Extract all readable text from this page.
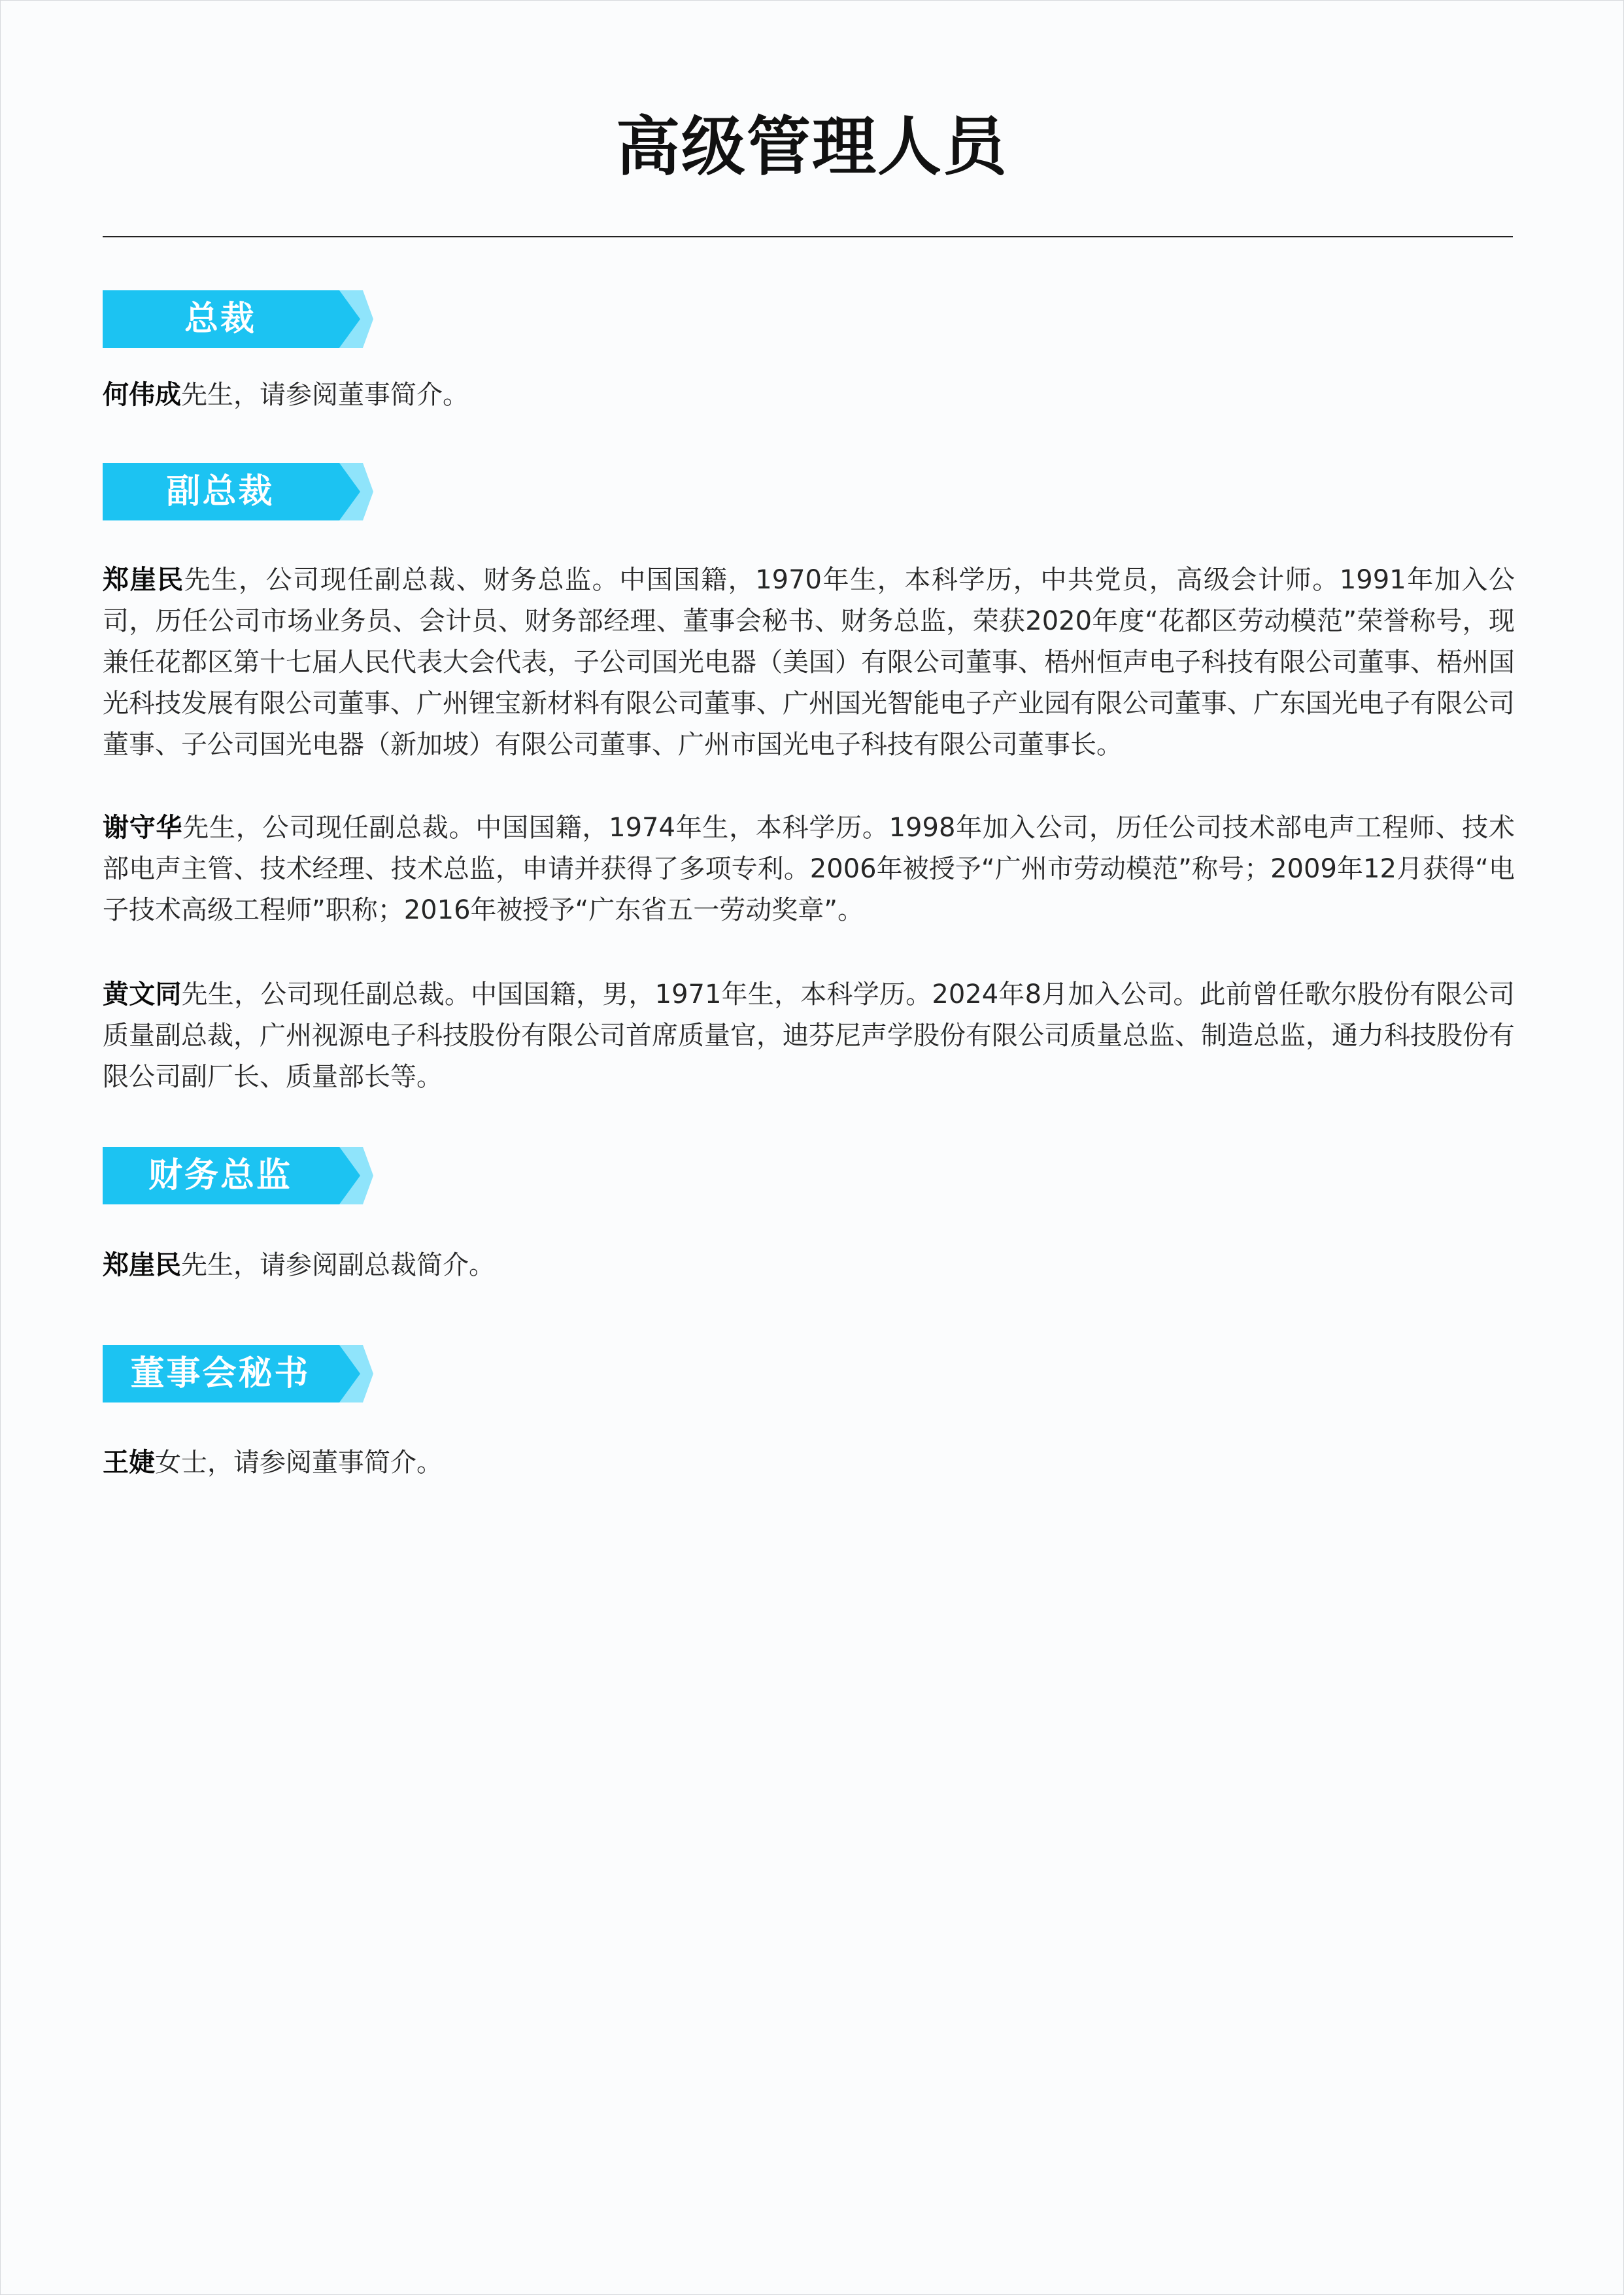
高级管理人员
总裁
何伟成先生，请参阅董事简介。
副总裁
郑崖民先生，公司现任副总裁、财务总监。中国国籍，1970年生，本科学历，中共党员，高级会计师。1991年加入公司，历任公司市场业务员、会计员、财务部经理、董事会秘书、财务总监，荣获2020年度“花都区劳动模范”荣誉称号，现兼任花都区第十七届人民代表大会代表，子公司国光电器（美国）有限公司董事、梧州恒声电子科技有限公司董事、梧州国光科技发展有限公司董事、广州锂宝新材料有限公司董事、广州国光智能电子产业园有限公司董事、广东国光电子有限公司董事、子公司国光电器（新加坡）有限公司董事、广州市国光电子科技有限公司董事长。
谢守华先生，公司现任副总裁。中国国籍，1974年生，本科学历。1998年加入公司，历任公司技术部电声工程师、技术部电声主管、技术经理、技术总监，申请并获得了多项专利。2006年被授予“广州市劳动模范”称号；2009年12月获得“电子技术高级工程师”职称；2016年被授予“广东省五一劳动奖章”。
黄文同先生，公司现任副总裁。中国国籍，男，1971年生，本科学历。2024年8月加入公司。此前曾任歌尔股份有限公司质量副总裁，广州视源电子科技股份有限公司首席质量官，迪芬尼声学股份有限公司质量总监、制造总监，通力科技股份有限公司副厂长、质量部长等。
财务总监
郑崖民先生，请参阅副总裁简介。
董事会秘书
王婕女士，请参阅董事简介。
